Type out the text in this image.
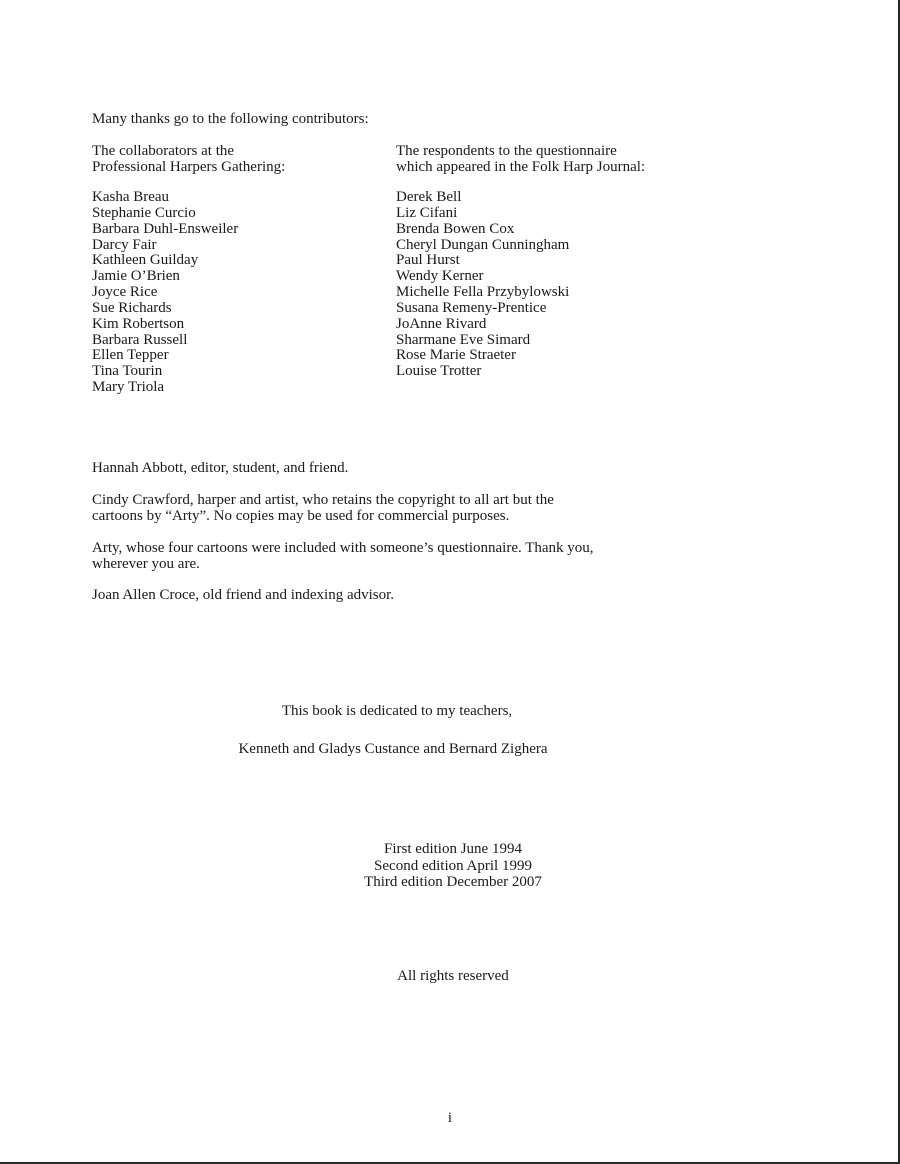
Many thanks go to the following contributors:
The collaborators at the
Professional Harpers Gathering:
The respondents to the questionnaire
which appeared in the Folk Harp Journal:
Kasha Breau
Stephanie Curcio
Barbara Duhl-Ensweiler
Darcy Fair
Kathleen Guilday
Jamie O’Brien
Joyce Rice
Sue Richards
Kim Robertson
Barbara Russell
Ellen Tepper
Tina Tourin
Mary Triola
Derek Bell
Liz Cifani
Brenda Bowen Cox
Cheryl Dungan Cunningham
Paul Hurst
Wendy Kerner
Michelle Fella Przybylowski
Susana Remeny-Prentice
JoAnne Rivard
Sharmane Eve Simard
Rose Marie Straeter
Louise Trotter
Hannah Abbott, editor, student, and friend.
Cindy Crawford, harper and artist, who retains the copyright to all art but the
cartoons by “Arty”. No copies may be used for commercial purposes.
Arty, whose four cartoons were included with someone’s questionnaire. Thank you,
wherever you are.
Joan Allen Croce, old friend and indexing advisor.
This book is dedicated to my teachers,
Kenneth and Gladys Custance and Bernard Zighera
First edition June 1994
Second edition April 1999
Third edition December 2007
All rights reserved
i
